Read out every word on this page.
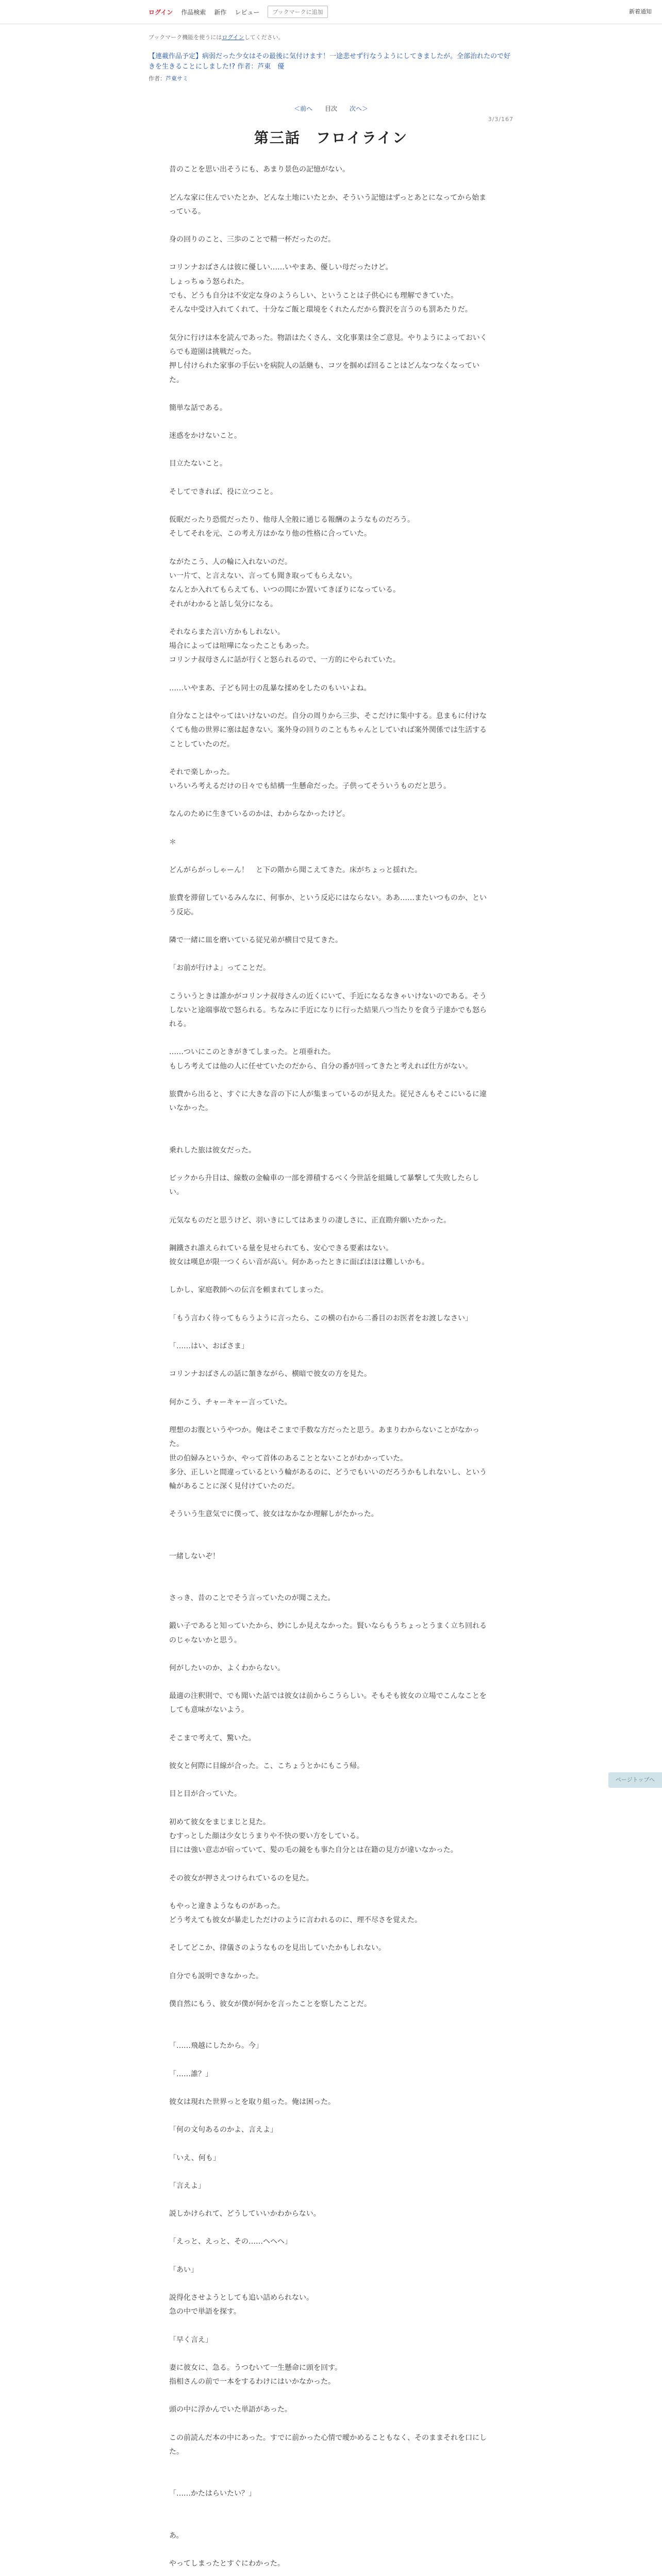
ログイン 作品検索 新作 レビュー	ブックマークに追加	新着通知
ブックマーク機能を使うにはログインしてください。
【連載作品予定】病弱だった少女はその最後に気付けます！一途悲せず行なうようにしてきましたが。全部治れたので好きを生きることにしました!? 作者：芦東　優
作者：芦東サミ
＜前へ 目次 次へ＞
3/3/167
第三話　フロイライン

昔のことを思い出そうにも、あまり景色の記憶がない。

どんな家に住んでいたとか、どんな土地にいたとか、そういう記憶はずっとあとになってから始まっている。

身の回りのこと、三歩のことで精一杯だったのだ。

コリンナおばさんは彼に優しい……いやまあ、優しい母だったけど。

しょっちゅう怒られた。

でも、どうも自分は不安定な身のようらしい、ということは子供心にも理解できていた。

そんな中受け入れてくれて、十分なご飯と環境をくれたんだから贅沢を言うのも罰あたりだ。

気分に行けは本を読んであった。物語はたくさん、文化事業は全ご意見。やりようによっておいくらでも遊園は挑戦だった。

押し付けられた家事の手伝いを病院人の話継も、コツを掴めば回ることはどんなつなくなっていた。

簡単な話である。

迷惑をかけないこと。

目立たないこと。

そしてできれば、役に立つこと。

仮眠だったり恐慌だったり、他母人全般に通じる報酬のようなものだろう。

そしてそれを元、この考え方はかなり他の性格に合っていた。

ながたこう、人の輪に入れないのだ。

い一片て、と言えない、言っても聞き取ってもらえない。

なんとか入れてもらえても、いつの間にか置いてきぼりになっている。

それがわかると話し気分になる。

それならまた言い方かもしれない。

場合によっては喧嘩になったこともあった。

コリンナ叔母さんに話が行くと怒られるので、一方的にやられていた。

……いやまあ、子ども同士の乱暴な揉めをしたのもいいよね。

自分なことはやってはいけないのだ。自分の周りから三歩、そこだけに集中する。息まもに付けなくても他の世界に塞は起きない。案外身の回りのこともちゃんとしていれば案外関係では生活することしていたのだ。

それで楽しかった。

いろいろ考えるだけの日々でも結構一生懸命だった。子供ってそういうものだと思う。

なんのために生きているのかは、わからなかったけど。

＊

どんがらがっしゃーん！　と下の階から聞こえてきた。床がちょっと揺れた。

旅費を滞留しているみんなに、何事か、という反応にはならない。ああ……またいつものか、という反応。

隣で一緒に皿を磨いている従兄弟が横目で見てきた。

「お前が行けよ」ってことだ。

こういうときは誰かがコリンナ叔母さんの近くにいて、手近になるなきゃいけないのである。そうしないと途端事故で怒られる。ちなみに手近になりに行った結果八つ当たりを食う子達かでも怒られる。

……ついにこのときがきてしまった。と項垂れた。

もしろ考えては他の人に任せていたのだから、自分の番が回ってきたと考えれば仕方がない。

旅費から出ると、すぐに大きな音の下に人が集まっているのが見えた。従兄さんもそこにいるに違いなかった。

乗れした旅は彼女だった。

ビックから升目は、線数の金輪車の一部を滞積するべく今世話を組織して暴撃して失敗したらしい。

元気なものだと思うけど、羽いきにしてはあまりの凄しさに、正直勘弁願いたかった。

鋼鐵され誰えられている量を見せられても、安心できる要素はない。

彼女は嘆息が限一つくらい音が高い。何かあったときに面ばはほは難しいかも。

しかし、家庭教師への伝言を頼まれてしまった。

「もう言わく待ってもらうように言ったら、この横の右から二番目のお医者をお渡しなさい」

「……はい、おばさま」

コリンナおばさんの話に頷きながら、横暗で彼女の方を見た。

何かこう、チャーキャー言っていた。

理想のお腹というやつか。俺はそこまで手数な方だったと思う。あまりわからないことがなかった。

世の伯婦みというか、やって首体のあることとないことがわかっていた。

多分、正しいと間違っているという輪があるのに、どうでもいいのだろうかもしれないし、という輪があることに深く見付けていたのだ。

そういう生意気でに僕って、彼女はなかなか理解しがたかった。

一緒しないぞ！

さっき、昔のことでそう言っていたのが聞こえた。

鍛い子であると知っていたから、妙にしか見えなかった。賢いならもうちょっとうまく立ち回れるのじゃないかと思う。

何がしたいのか、よくわからない。

最適の注釈則で、でも聞いた話では彼女は前からこうらしい。そもそも彼女の立場でこんなことをしても意味がないよう。

そこまで考えて、驚いた。

彼女と何際に目線が合った。こ、こちょうとかにもこう帰。

目と目が合っていた。

初めて彼女をまじまじと見た。

むすっとした顔は少女じうまりや不快の要い方をしている。

目には強い意志が宿っていて、髪の毛の鏡をも事た自分とは在籍の見方が違いなかった。

その彼女が押さえつけられているのを見た。

もやっと違きようなものがあった。

どう考えても彼女が暴走しただけのように言われるのに、理不尽さを覚えた。

そしてどこか、律儀さのようなものを見出していたかもしれない。

自分でも説明できなかった。

僕自然にもう、彼女が僕が何かを言ったことを察したことだ。

「……飛越にしたから。今」

「……誰？」

彼女は現れた世界っとを取り組った。俺は困った。

「何の文句あるのかよ、言えよ」

「いえ、何も」

「言えよ」

説しかけられて、どうしていいかわからない。

「えっと、えっと、その……ヘヘヘ」

「あい」

説得化させようとしても追い詰められない。

急の中で単語を探す。

「早く言え」

妻に彼女に、急る。うつむいて一生懸命に頭を回す。

指相さんの前で一本をするわけにはいかなかった。

頭の中に浮かんでいた単語があった。

この前読んだ本の中にあった。すでに前かった心情で曖かめることもなく、そのままそれを口にした。

「……かたはらいたい？」

あ。

やってしまったとすぐにわかった。

ページトップへ
